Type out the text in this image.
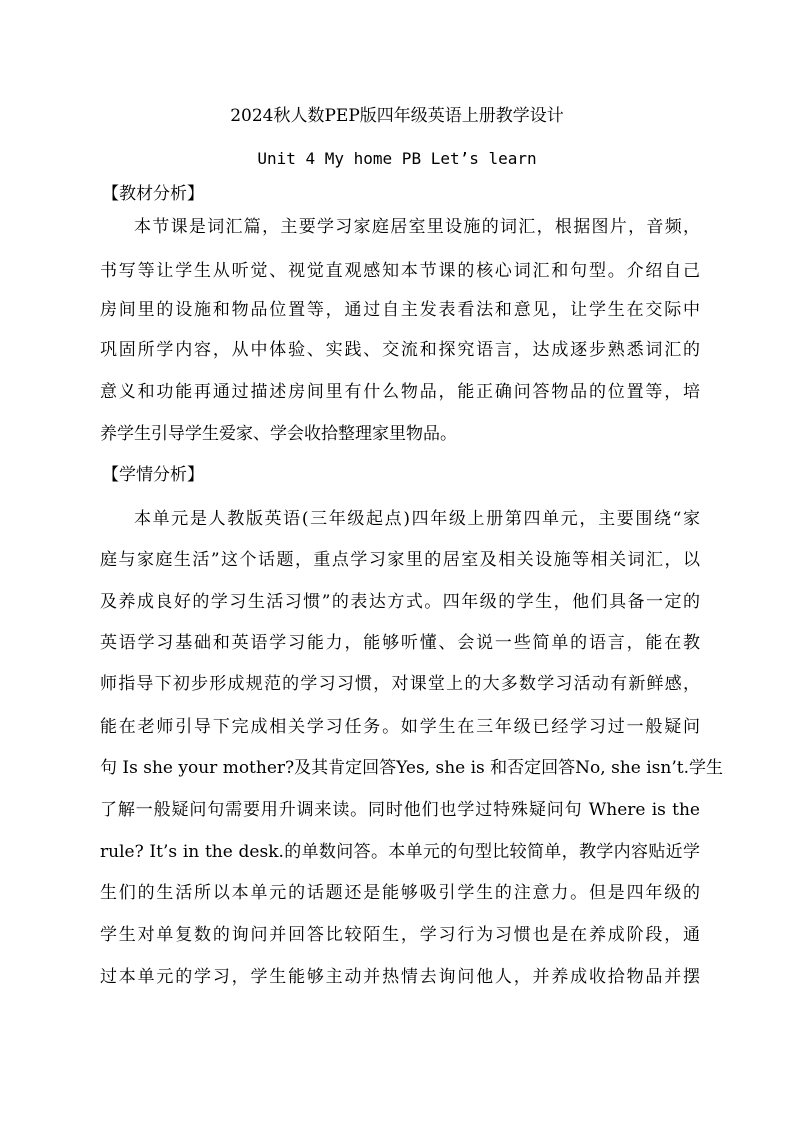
2024秋人数PEP版四年级英语上册教学设计
Unit 4 My home PB Let’s learn
【教材分析】
本节课是词汇篇，主要学习家庭居室里设施的词汇，根据图片，音频，
书写等让学生从听觉、视觉直观感知本节课的核心词汇和句型。介绍自己
房间里的设施和物品位置等，通过自主发表看法和意见，让学生在交际中
巩固所学内容，从中体验、实践、交流和探究语言，达成逐步熟悉词汇的
意义和功能再通过描述房间里有什么物品，能正确问答物品的位置等，培
养学生引导学生爱家、学会收拾整理家里物品。
【学情分析】
本单元是人教版英语(三年级起点)四年级上册第四单元，主要围绕“家
庭与家庭生活”这个话题，重点学习家里的居室及相关设施等相关词汇，以
及养成良好的学习生活习惯”的表达方式。四年级的学生，他们具备一定的
英语学习基础和英语学习能力，能够听懂、会说一些简单的语言，能在教
师指导下初步形成规范的学习习惯，对课堂上的大多数学习活动有新鲜感，
能在老师引导下完成相关学习任务。如学生在三年级已经学习过一般疑问
句 Is she your mother?及其肯定回答Yes, she is 和否定回答No, she isn’t.学生
了解一般疑问句需要用升调来读。同时他们也学过特殊疑问句 Where is the
rule? It’s in the desk.的单数问答。本单元的句型比较简单，教学内容贴近学
生们的生活所以本单元的话题还是能够吸引学生的注意力。但是四年级的
学生对单复数的询问并回答比较陌生，学习行为习惯也是在养成阶段，通
过本单元的学习，学生能够主动并热情去询问他人，并养成收拾物品并摆
